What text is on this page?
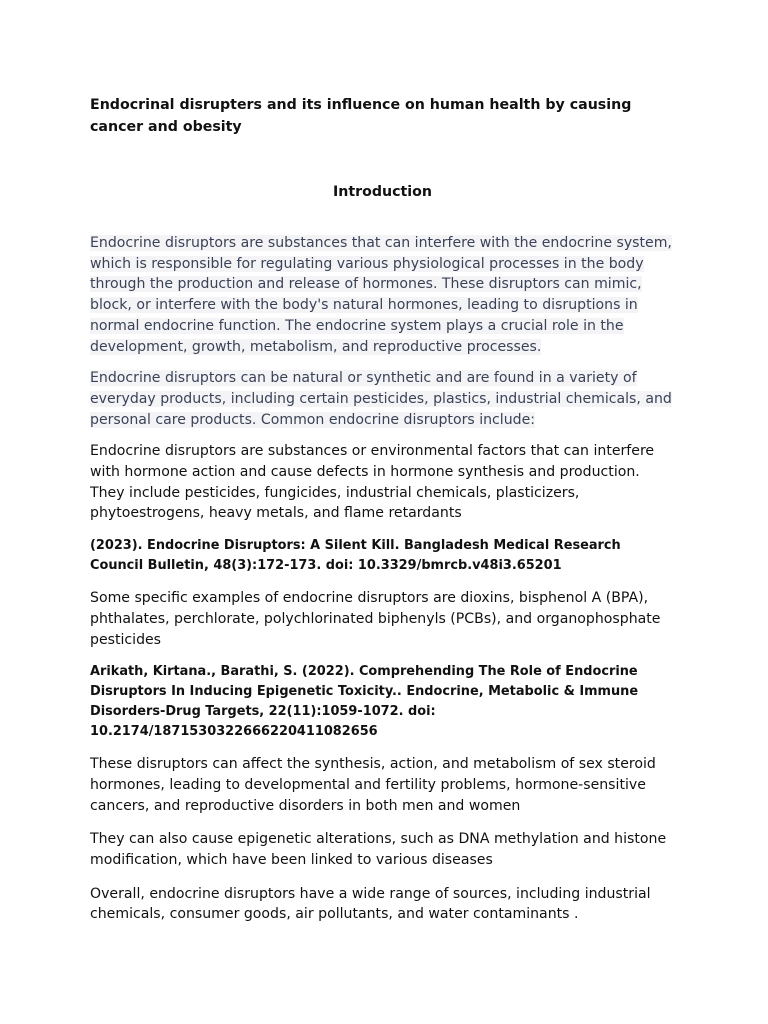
Endocrinal disrupters and its influence on human health by causing cancer and obesity
Introduction

Endocrine disruptors are substances that can interfere with the endocrine system, which is responsible for regulating various physiological processes in the body through the production and release of hormones. These disruptors can mimic, block, or interfere with the body's natural hormones, leading to disruptions in normal endocrine function. The endocrine system plays a crucial role in the development, growth, metabolism, and reproductive processes.

Endocrine disruptors can be natural or synthetic and are found in a variety of everyday products, including certain pesticides, plastics, industrial chemicals, and personal care products. Common endocrine disruptors include:

Endocrine disruptors are substances or environmental factors that can interfere with hormone action and cause defects in hormone synthesis and production. They include pesticides, fungicides, industrial chemicals, plasticizers, phytoestrogens, heavy metals, and flame retardants

(2023). Endocrine Disruptors: A Silent Kill. Bangladesh Medical Research Council Bulletin, 48(3):172-173. doi: 10.3329/bmrcb.v48i3.65201

Some specific examples of endocrine disruptors are dioxins, bisphenol A (BPA), phthalates, perchlorate, polychlorinated biphenyls (PCBs), and organophosphate pesticides

Arikath, Kirtana., Barathi, S. (2022). Comprehending The Role of Endocrine Disruptors In Inducing Epigenetic Toxicity.. Endocrine, Metabolic & Immune Disorders-Drug Targets, 22(11):1059-1072. doi: 10.2174/1871530322666220411082656

These disruptors can affect the synthesis, action, and metabolism of sex steroid hormones, leading to developmental and fertility problems, hormone-sensitive cancers, and reproductive disorders in both men and women

They can also cause epigenetic alterations, such as DNA methylation and histone modification, which have been linked to various diseases

Overall, endocrine disruptors have a wide range of sources, including industrial chemicals, consumer goods, air pollutants, and water contaminants .
